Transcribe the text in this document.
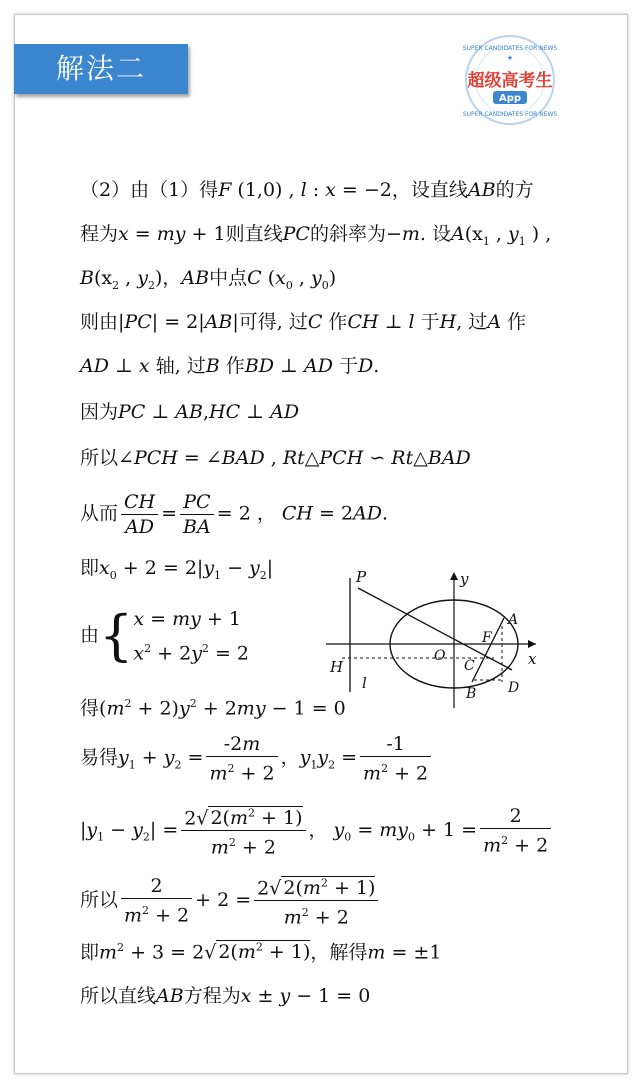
解法二
SUPER CANDIDATES FOR NEWS
SUPER CANDIDATES FOR NEWS
★
超级高考生
App
（2）由（1）得F (1,0) , l : x = −2，设直线AB的方
程为x = my + 1则直线PC的斜率为−m. 设$A(x_1$ , $y_1$ ) ,
$B(x_2$ , $y_2$)，AB中点C ($x_0$ , $y_0$)
则由|PC| = 2|AB|可得, 过C 作CH ⊥ l 于H, 过A 作
AD ⊥ x 轴, 过B 作BD ⊥ AD 于D.
因为PC ⊥ AB,HC ⊥ AD
所以∠PCH = ∠BAD , Rt△PCH ∽ Rt△BAD
从而 $\frac{CH}{AD} = \frac{PC}{BA} = 2$ ， CH = 2AD.
即$x_0 + 2 = 2|y_1 - y_2|$
由{x = my + 1
$x^2 + 2y^2 = 2$
得$(m^2 + 2)y^2 + 2my - 1 = 0$
易得$y_1 + y_2 = \frac{-2m}{m^2 + 2}$ ，$y_1y_2 = \frac{-1}{m^2 + 2}$
$|y_1 - y_2| = \frac{2√ 2(m^2 + 1)}{m^2 + 2}$ ， $y_0 = my_0 + 1 = \frac{2}{m^2 + 2}$
所以 $\frac{2}{m^2 + 2} + 2 = \frac{2√ 2(m^2 + 1)}{m^2 + 2}$
即$m^2 + 3 = 2√$ $2(m^2 + 1)$，解得m = ±1
所以直线AB方程为x ± y − 1 = 0
P	y
A
F
O
C	x
H
l
B D
